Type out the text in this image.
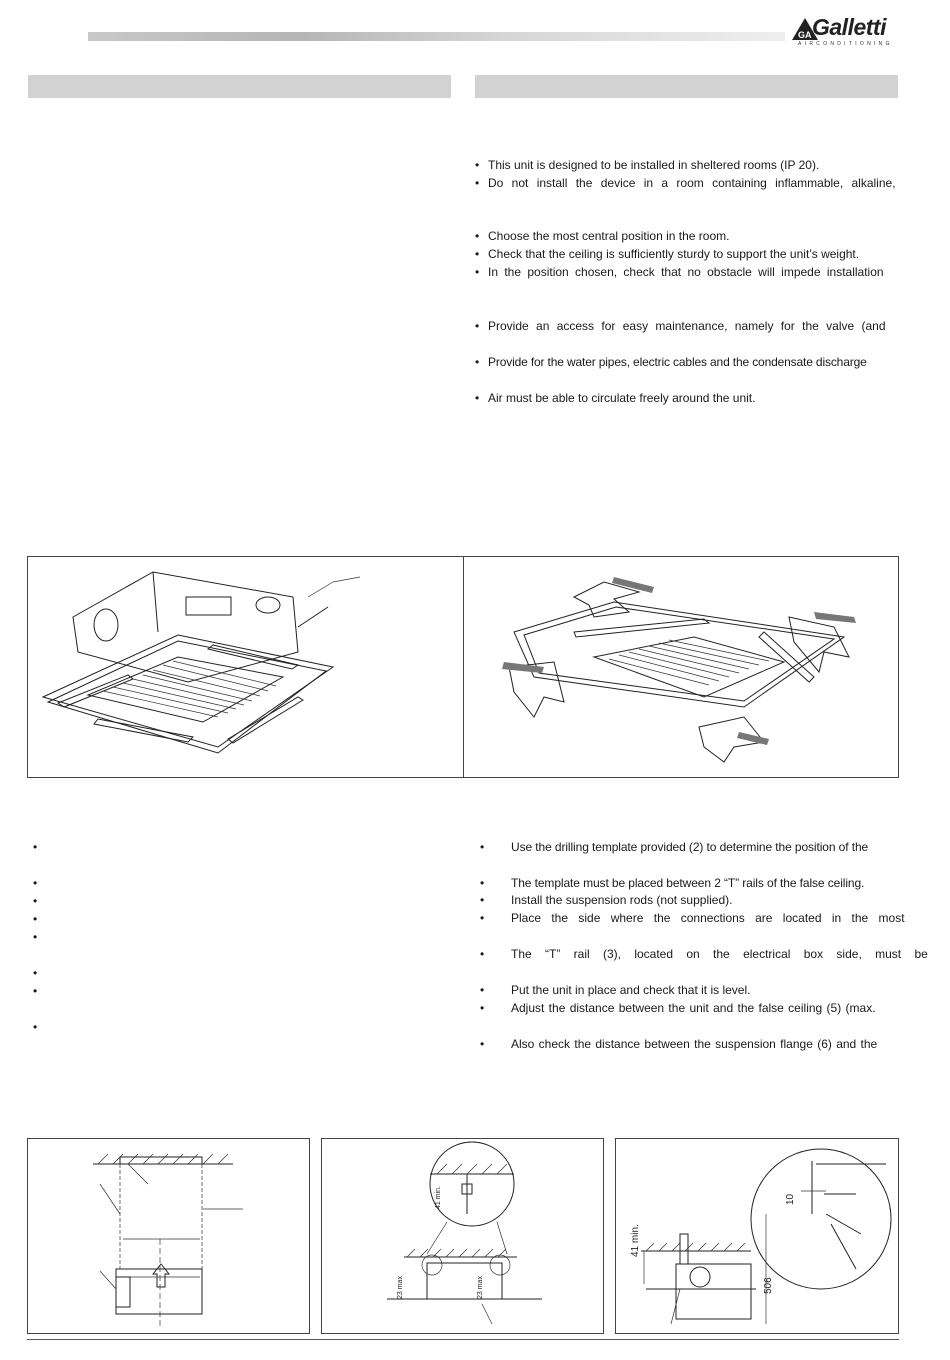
GA Galletti
AIRCONDITIONING
• This unit is designed to be installed in sheltered rooms (IP 20).
• Do not install the device in a room containing inflammable, alkaline,
• Choose the most central position in the room.
• Check that the ceiling is sufficiently sturdy to support the unit’s weight.
• In the position chosen, check that no obstacle will impede installation
• Provide an access for easy maintenance, namely for the valve (and
• Provide for the water pipes, electric cables and the condensate discharge
• Air must be able to circulate freely around the unit.
•
•
•
•
•
•
•
•
• Use the drilling template provided (2) to determine the position of the
• The template must be placed between 2 “T” rails of the false ceiling.
• Install the suspension rods (not supplied).
• Place the side where the connections are located in the most
• The “T” rail (3), located on the electrical box side, must be
• Put the unit in place and check that it is level.
• Adjust the distance between the unit and the false ceiling (5) (max.
• Also check the distance between the suspension flange (6) and the
41 min.
23 max	23 max
10
506
41 min.
